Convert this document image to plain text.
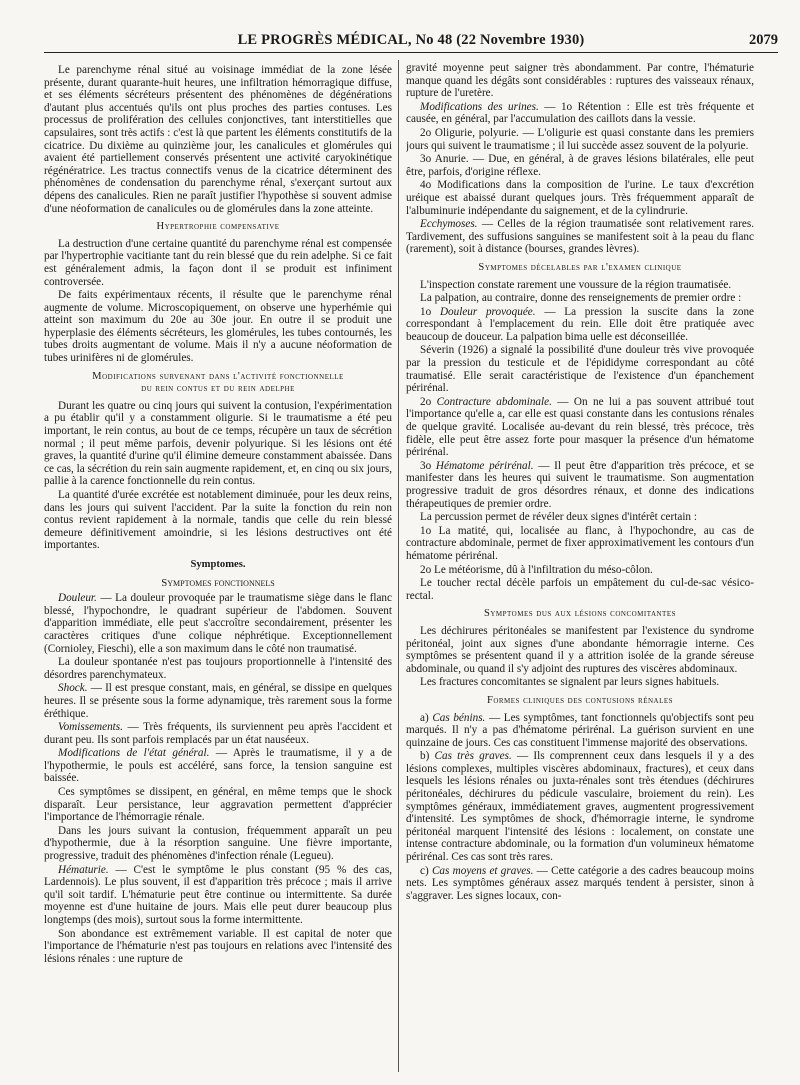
LE PROGRÈS MÉDICAL, No 48 (22 Novembre 1930)	2079

Le parenchyme rénal situé au voisinage immédiat de la zone lésée présente, durant quarante-huit heures, une infiltration hémorragique diffuse, et ses éléments sécréteurs présentent des phénomènes de dégénérations d'autant plus accentués qu'ils ont plus proches des parties contuses. Les processus de prolifération des cellules conjonctives, tant interstitielles que capsulaires, sont très actifs : c'est là que partent les éléments constitutifs de la cicatrice. Du dixième au quinzième jour, les canalicules et glomérules qui avaient été partiellement conservés présentent une activité caryokinétique régénératrice. Les tractus connectifs venus de la cicatrice déterminent des phénomènes de condensation du parenchyme rénal, s'exerçant surtout aux dépens des canalicules. Rien ne paraît justifier l'hypothèse si souvent admise d'une néoformation de canalicules ou de glomérules dans la zone atteinte.

Hypertrophie compensative

La destruction d'une certaine quantité du parenchyme rénal est compensée par l'hypertrophie vacitiante tant du rein blessé que du rein adelphe. Si ce fait est généralement admis, la façon dont il se produit est infiniment controversée.

De faits expérimentaux récents, il résulte que le parenchyme rénal augmente de volume. Microscopiquement, on observe une hyperhémie qui atteint son maximum du 20e au 30e jour. En outre il se produit une hyperplasie des éléments sécréteurs, les glomérules, les tubes contournés, les tubes droits augmentant de volume. Mais il n'y a aucune néoformation de tubes urinifères ni de glomérules.

Modifications survenant dans l'activité fonctionnelle
du rein contus et du rein adelphe

Durant les quatre ou cinq jours qui suivent la contusion, l'expérimentation a pu établir qu'il y a constamment oligurie. Si le traumatisme a été peu important, le rein contus, au bout de ce temps, récupère un taux de sécrétion normal ; il peut même parfois, devenir polyurique. Si les lésions ont été graves, la quantité d'urine qu'il élimine demeure constamment abaissée. Dans ce cas, la sécrétion du rein sain augmente rapidement, et, en cinq ou six jours, pallie à la carence fonctionnelle du rein contus.

La quantité d'urée excrétée est notablement diminuée, pour les deux reins, dans les jours qui suivent l'accident. Par la suite la fonction du rein non contus revient rapidement à la normale, tandis que celle du rein blessé demeure définitivement amoindrie, si les lésions destructives ont été importantes.

Symptomes.
Symptomes fonctionnels

Douleur. — La douleur provoquée par le traumatisme siège dans le flanc blessé, l'hypochondre, le quadrant supérieur de l'abdomen. Souvent d'apparition immédiate, elle peut s'accroître secondairement, présenter les caractères critiques d'une colique néphrétique. Exceptionnellement (Cornioley, Fieschi), elle a son maximum dans le côté non traumatisé.

La douleur spontanée n'est pas toujours proportionnelle à l'intensité des désordres parenchymateux.

Shock. — Il est presque constant, mais, en général, se dissipe en quelques heures. Il se présente sous la forme adynamique, très rarement sous la forme éréthique.

Vomissements. — Très fréquents, ils surviennent peu après l'accident et durant peu. Ils sont parfois remplacés par un état nauséeux.

Modifications de l'état général. — Après le traumatisme, il y a de l'hypothermie, le pouls est accéléré, sans force, la tension sanguine est baissée.

Ces symptômes se dissipent, en général, en même temps que le shock disparaît. Leur persistance, leur aggravation permettent d'apprécier l'importance de l'hémorragie rénale.

Dans les jours suivant la contusion, fréquemment apparaît un peu d'hypothermie, due à la résorption sanguine. Une fièvre importante, progressive, traduit des phénomènes d'infection rénale (Legueu).

Hématurie. — C'est le symptôme le plus constant (95 % des cas, Lardennois). Le plus souvent, il est d'apparition très précoce ; mais il arrive qu'il soit tardif. L'hématurie peut être continue ou intermittente. Sa durée moyenne est d'une huitaine de jours. Mais elle peut durer beaucoup plus longtemps (des mois), surtout sous la forme intermittente.

Son abondance est extrêmement variable. Il est capital de noter que l'importance de l'hématurie n'est pas toujours en relations avec l'intensité des lésions rénales : une rupture de

gravité moyenne peut saigner très abondamment. Par contre, l'hématurie manque quand les dégâts sont considérables : ruptures des vaisseaux rénaux, rupture de l'uretère.

Modifications des urines. — 1o Rétention : Elle est très fréquente et causée, en général, par l'accumulation des caillots dans la vessie.

2o Oligurie, polyurie. — L'oligurie est quasi constante dans les premiers jours qui suivent le traumatisme ; il lui succède assez souvent de la polyurie.

3o Anurie. — Due, en général, à de graves lésions bilatérales, elle peut être, parfois, d'origine réflexe.

4o Modifications dans la composition de l'urine. Le taux d'excrétion uréique est abaissé durant quelques jours. Très fréquemment apparaît de l'albuminurie indépendante du saignement, et de la cylindrurie.

Ecchymoses. — Celles de la région traumatisée sont relativement rares. Tardivement, des suffusions sanguines se manifestent soit à la peau du flanc (rarement), soit à distance (bourses, grandes lèvres).

Symptomes décelables par l'examen clinique

L'inspection constate rarement une voussure de la région traumatisée.

La palpation, au contraire, donne des renseignements de premier ordre :

1o Douleur provoquée. — La pression la suscite dans la zone correspondant à l'emplacement du rein. Elle doit être pratiquée avec beaucoup de douceur. La palpation bima uelle est déconseillée.

Séverin (1926) a signalé la possibilité d'une douleur très vive provoquée par la pression du testicule et de l'épididyme correspondant au côté traumatisé. Elle serait caractéristique de l'existence d'un épanchement périrénal.

2o Contracture abdominale. — On ne lui a pas souvent attribué tout l'importance qu'elle a, car elle est quasi constante dans les contusions rénales de quelque gravité. Localisée au-devant du rein blessé, très précoce, très fidèle, elle peut être assez forte pour masquer la présence d'un hématome périrénal.

3o Hématome périrénal. — Il peut être d'apparition très précoce, et se manifester dans les heures qui suivent le traumatisme. Son augmentation progressive traduit de gros désordres rénaux, et donne des indications thérapeutiques de premier ordre.

La percussion permet de révéler deux signes d'intérêt certain :

1o La matité, qui, localisée au flanc, à l'hypochondre, au cas de contracture abdominale, permet de fixer approximativement les contours d'un hématome périrénal.

2o Le météorisme, dû à l'infiltration du méso-côlon.

Le toucher rectal décèle parfois un empâtement du cul-de-sac vésico-rectal.

Symptomes dus aux lésions concomitantes

Les déchirures péritonéales se manifestent par l'existence du syndrome péritonéal, joint aux signes d'une abondante hémorragie interne. Ces symptômes se présentent quand il y a attrition isolée de la grande séreuse abdominale, ou quand il s'y adjoint des ruptures des viscères abdominaux.

Les fractures concomitantes se signalent par leurs signes habituels.

Formes cliniques des contusions rénales

a) Cas bénins. — Les symptômes, tant fonctionnels qu'objectifs sont peu marqués. Il n'y a pas d'hématome périrénal. La guérison survient en une quinzaine de jours. Ces cas constituent l'immense majorité des observations.

b) Cas très graves. — Ils comprennent ceux dans lesquels il y a des lésions complexes, multiples viscères abdominaux, fractures), et ceux dans lesquels les lésions rénales ou juxta-rénales sont très étendues (déchirures péritonéales, déchirures du pédicule vasculaire, broiement du rein). Les symptômes généraux, immédiatement graves, augmentent progressivement d'intensité. Les symptômes de shock, d'hémorragie interne, le syndrome péritonéal marquent l'intensité des lésions : localement, on constate une intense contracture abdominale, ou la formation d'un volumineux hématome périrénal. Ces cas sont très rares.

c) Cas moyens et graves. — Cette catégorie a des cadres beaucoup moins nets. Les symptômes généraux assez marqués tendent à persister, sinon à s'aggraver. Les signes locaux, con-
